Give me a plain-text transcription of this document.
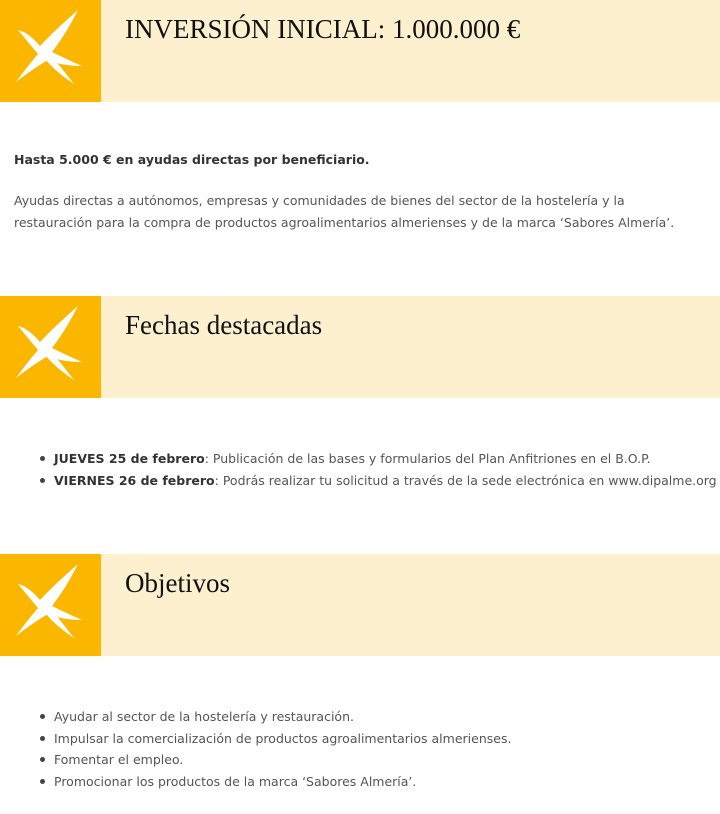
INVERSIÓN INICIAL: 1.000.000 €

Hasta 5.000 € en ayudas directas por beneficiario.

Ayudas directas a autónomos, empresas y comunidades de bienes del sector de la hostelería y la restauración para la compra de productos agroalimentarios almerienses y de la marca ‘Sabores Almería’.

Fechas destacadas
JUEVES 25 de febrero: Publicación de las bases y formularios del Plan Anfitriones en el B.O.P.
VIERNES 26 de febrero: Podrás realizar tu solicitud a través de la sede electrónica en www.dipalme.org
Objetivos
Ayudar al sector de la hostelería y restauración.
Impulsar la comercialización de productos agroalimentarios almerienses.
Fomentar el empleo.
Promocionar los productos de la marca ‘Sabores Almería’.
